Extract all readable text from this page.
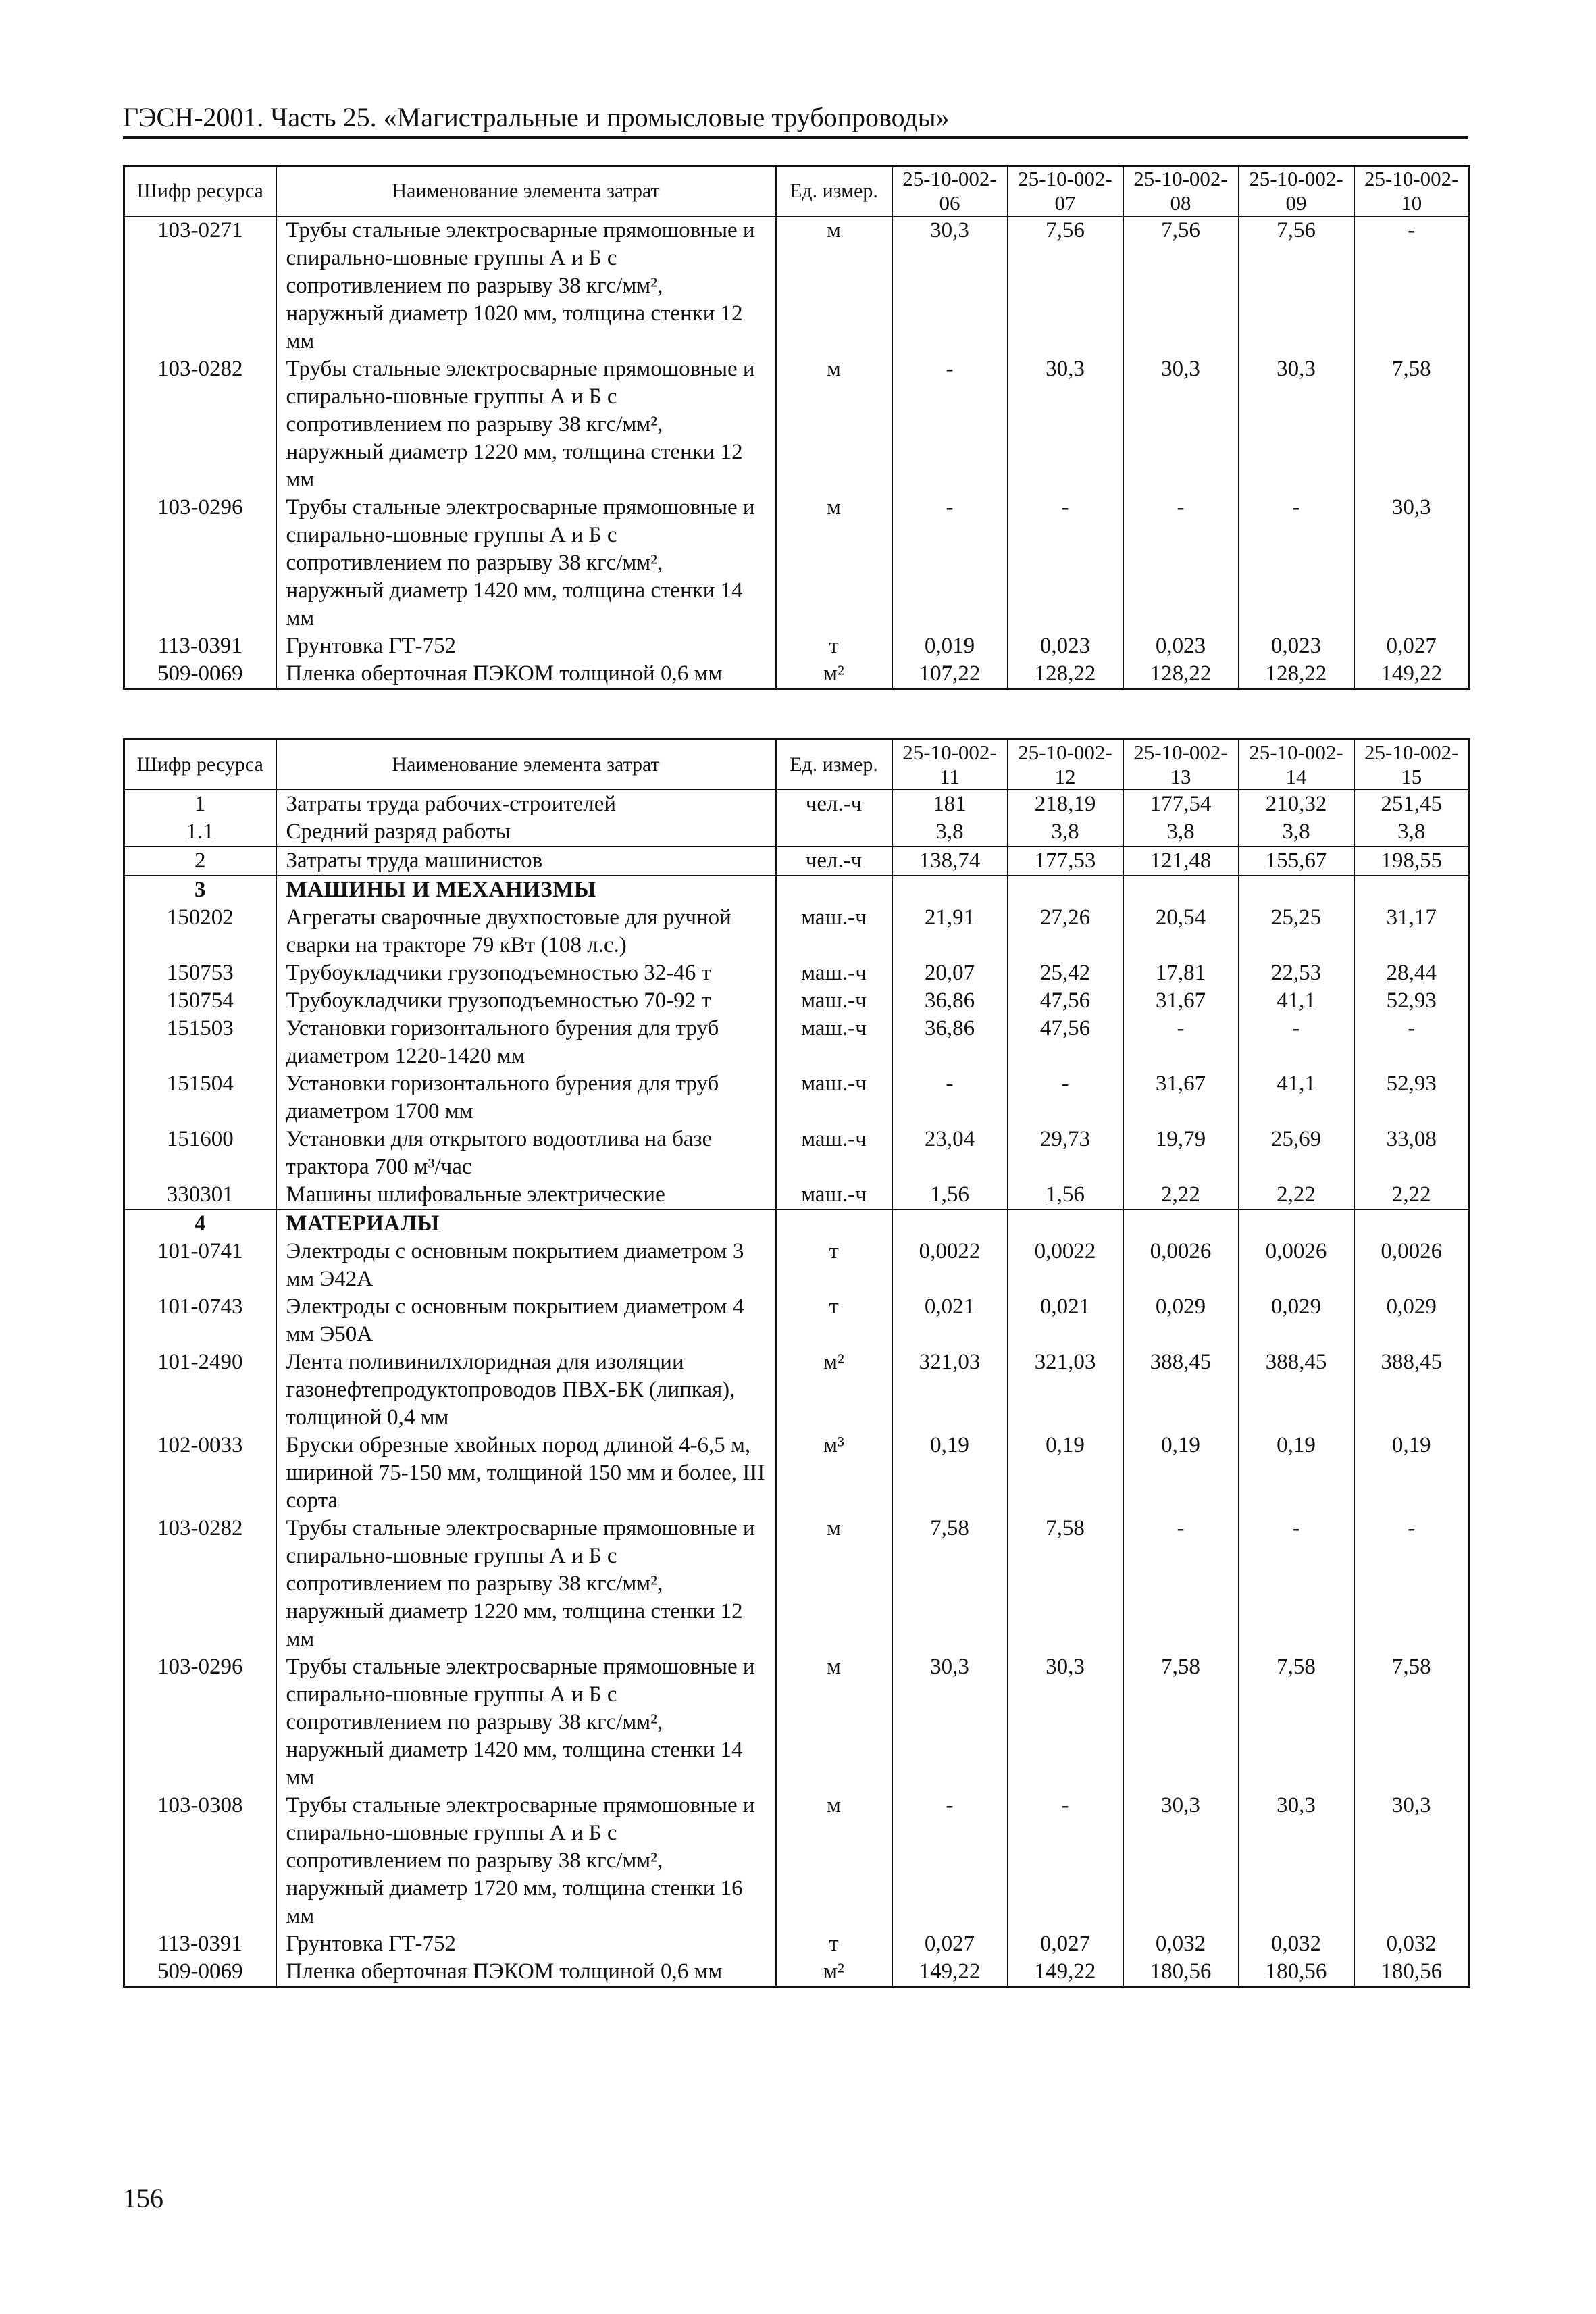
ГЭСН-2001. Часть 25. «Магистральные и промысловые трубопроводы»
Шифр ресурса	Наименование элемента затрат	Ед. измер.	25-10-002-06	25-10-002-07	25-10-002-08	25-10-002-09	25-10-002-10
103-0271	Трубы стальные электросварные прямошовные и спирально-шовные группы А и Б с сопротивлением по разрыву 38 кгс/мм², наружный диаметр 1020 мм, толщина стенки 12 мм	м	30,3	7,56	7,56	7,56	-
103-0282	Трубы стальные электросварные прямошовные и спирально-шовные группы А и Б с сопротивлением по разрыву 38 кгс/мм², наружный диаметр 1220 мм, толщина стенки 12 мм	м	-	30,3	30,3	30,3	7,58
103-0296	Трубы стальные электросварные прямошовные и спирально-шовные группы А и Б с сопротивлением по разрыву 38 кгс/мм², наружный диаметр 1420 мм, толщина стенки 14 мм	м	-	-	-	-	30,3
113-0391	Грунтовка ГТ-752	т	0,019	0,023	0,023	0,023	0,027
509-0069	Пленка оберточная ПЭКОМ толщиной 0,6 мм	м²	107,22	128,22	128,22	128,22	149,22
Шифр ресурса	Наименование элемента затрат	Ед. измер.	25-10-002-11	25-10-002-12	25-10-002-13	25-10-002-14	25-10-002-15
1	Затраты труда рабочих-строителей	чел.-ч	181	218,19	177,54	210,32	251,45
1.1	Средний разряд работы		3,8	3,8	3,8	3,8	3,8
2	Затраты труда машинистов	чел.-ч	138,74	177,53	121,48	155,67	198,55
3	МАШИНЫ И МЕХАНИЗМЫ						
150202	Агрегаты сварочные двухпостовые для ручной сварки на тракторе 79 кВт (108 л.с.)	маш.-ч	21,91	27,26	20,54	25,25	31,17
150753	Трубоукладчики грузоподъемностью 32-46 т	маш.-ч	20,07	25,42	17,81	22,53	28,44
150754	Трубоукладчики грузоподъемностью 70-92 т	маш.-ч	36,86	47,56	31,67	41,1	52,93
151503	Установки горизонтального бурения для труб диаметром 1220-1420 мм	маш.-ч	36,86	47,56	-	-	-
151504	Установки горизонтального бурения для труб диаметром 1700 мм	маш.-ч	-	-	31,67	41,1	52,93
151600	Установки для открытого водоотлива на базе трактора 700 м³/час	маш.-ч	23,04	29,73	19,79	25,69	33,08
330301	Машины шлифовальные электрические	маш.-ч	1,56	1,56	2,22	2,22	2,22
4	МАТЕРИАЛЫ						
101-0741	Электроды с основным покрытием диаметром 3 мм Э42А	т	0,0022	0,0022	0,0026	0,0026	0,0026
101-0743	Электроды с основным покрытием диаметром 4 мм Э50А	т	0,021	0,021	0,029	0,029	0,029
101-2490	Лента поливинилхлоридная для изоляции газонефтепродуктопроводов ПВХ-БК (липкая), толщиной 0,4 мм	м²	321,03	321,03	388,45	388,45	388,45
102-0033	Бруски обрезные хвойных пород длиной 4-6,5 м, шириной 75-150 мм, толщиной 150 мм и более, III сорта	м³	0,19	0,19	0,19	0,19	0,19
103-0282	Трубы стальные электросварные прямошовные и спирально-шовные группы А и Б с сопротивлением по разрыву 38 кгс/мм², наружный диаметр 1220 мм, толщина стенки 12 мм	м	7,58	7,58	-	-	-
103-0296	Трубы стальные электросварные прямошовные и спирально-шовные группы А и Б с сопротивлением по разрыву 38 кгс/мм², наружный диаметр 1420 мм, толщина стенки 14 мм	м	30,3	30,3	7,58	7,58	7,58
103-0308	Трубы стальные электросварные прямошовные и спирально-шовные группы А и Б с сопротивлением по разрыву 38 кгс/мм², наружный диаметр 1720 мм, толщина стенки 16 мм	м	-	-	30,3	30,3	30,3
113-0391	Грунтовка ГТ-752	т	0,027	0,027	0,032	0,032	0,032
509-0069	Пленка оберточная ПЭКОМ толщиной 0,6 мм	м²	149,22	149,22	180,56	180,56	180,56
156
